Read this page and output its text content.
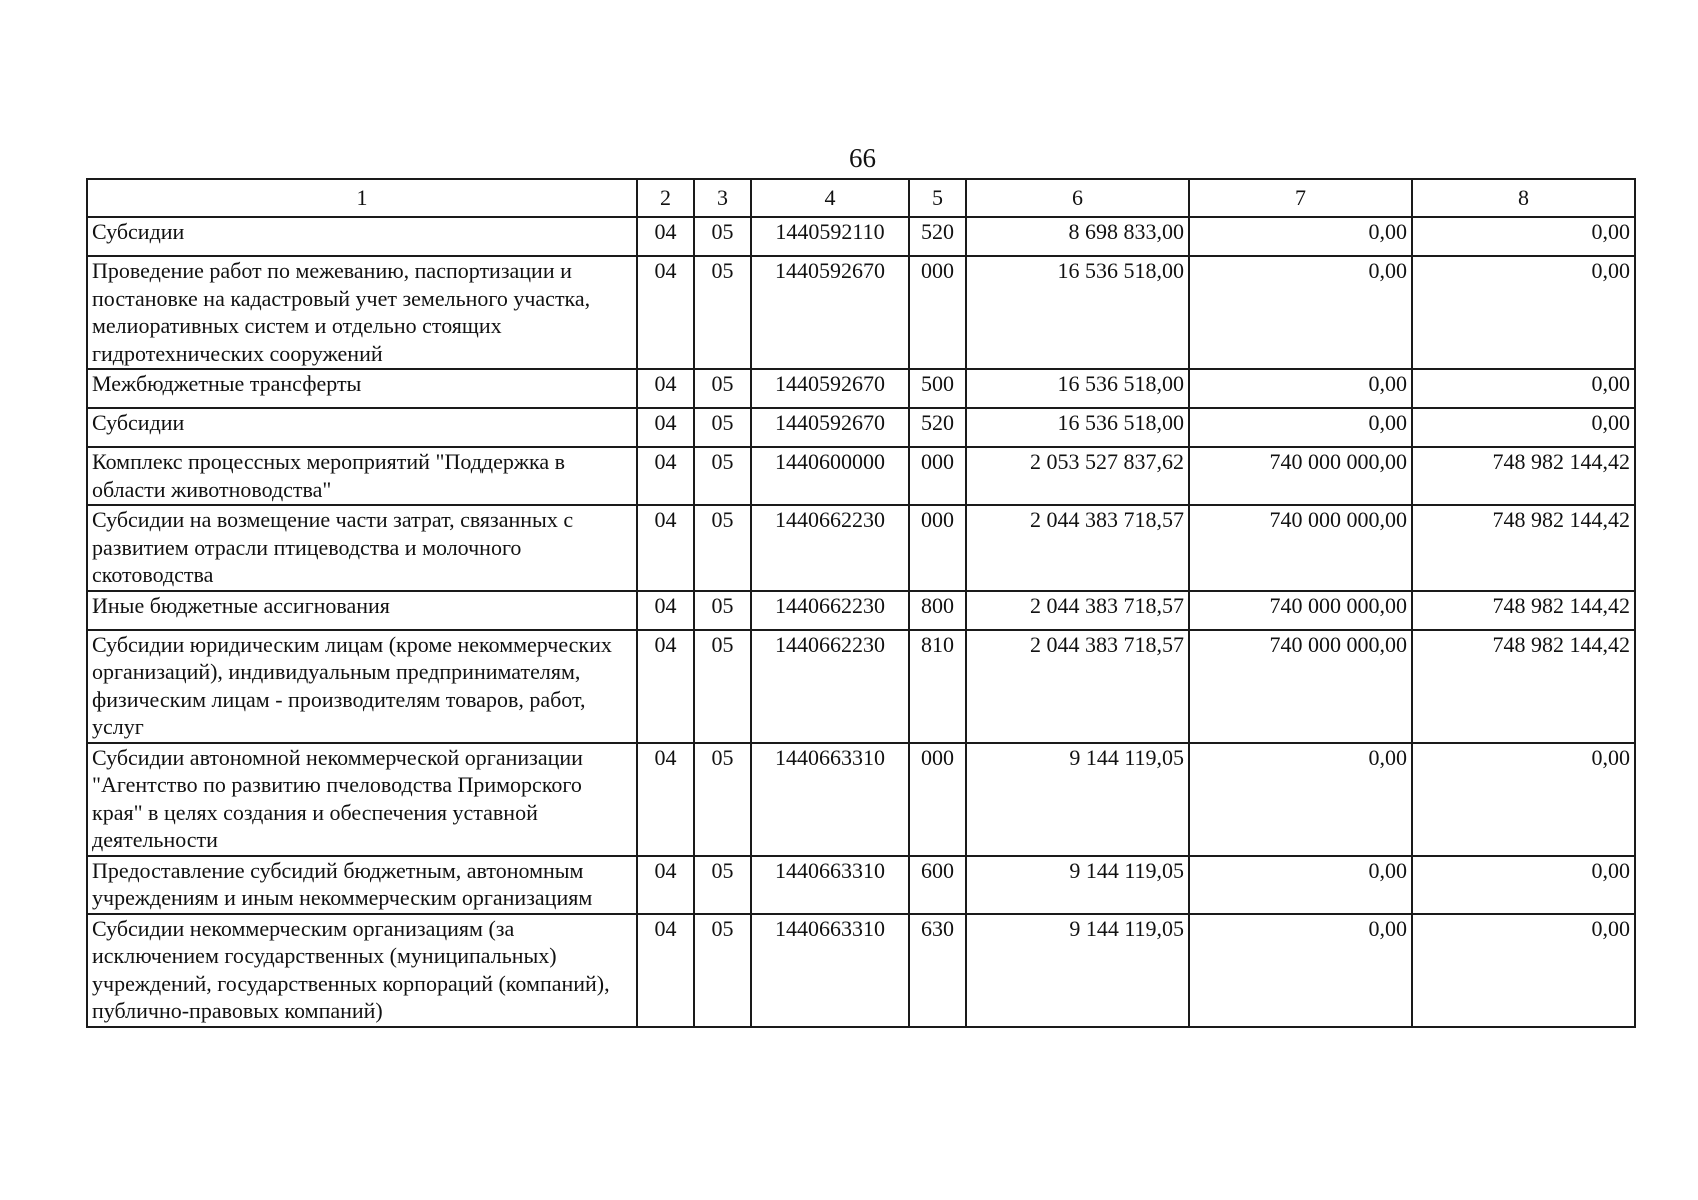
66
1	2	3	4	5	6	7	8
Субсидии	04	05	1440592110	520	8 698 833,00	0,00	0,00
Проведение работ по межеванию, паспортизации и постановке на кадастровый учет земельного участка, мелиоративных систем и отдельно стоящих гидротехнических сооружений	04	05	1440592670	000	16 536 518,00	0,00	0,00
Межбюджетные трансферты	04	05	1440592670	500	16 536 518,00	0,00	0,00
Субсидии	04	05	1440592670	520	16 536 518,00	0,00	0,00
Комплекс процессных мероприятий "Поддержка в области животноводства"	04	05	1440600000	000	2 053 527 837,62	740 000 000,00	748 982 144,42
Субсидии на возмещение части затрат, связанных с развитием отрасли птицеводства и молочного скотоводства	04	05	1440662230	000	2 044 383 718,57	740 000 000,00	748 982 144,42
Иные бюджетные ассигнования	04	05	1440662230	800	2 044 383 718,57	740 000 000,00	748 982 144,42
Субсидии юридическим лицам (кроме некоммерческих организаций), индивидуальным предпринимателям, физическим лицам - производителям товаров, работ, услуг	04	05	1440662230	810	2 044 383 718,57	740 000 000,00	748 982 144,42
Субсидии автономной некоммерческой организации "Агентство по развитию пчеловодства Приморского края" в целях создания и обеспечения уставной деятельности	04	05	1440663310	000	9 144 119,05	0,00	0,00
Предоставление субсидий бюджетным, автономным учреждениям и иным некоммерческим организациям	04	05	1440663310	600	9 144 119,05	0,00	0,00
Субсидии некоммерческим организациям (за исключением государственных (муниципальных) учреждений, государственных корпораций (компаний), публично-правовых компаний)	04	05	1440663310	630	9 144 119,05	0,00	0,00
